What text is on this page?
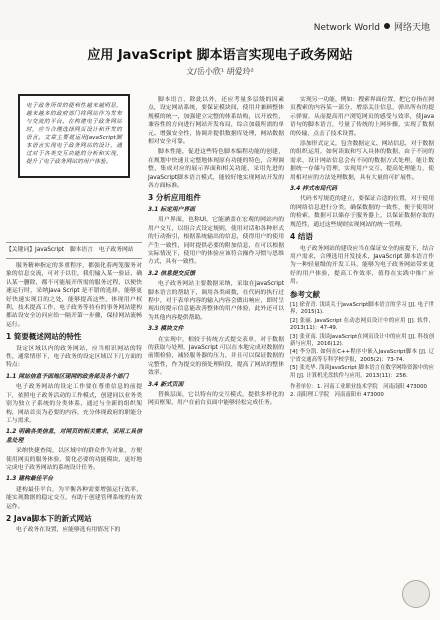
Network World 网络天地
应用 JavaScript 脚本语言实现电子政务网站
文/岳小欣¹ 胡爱玲²

电子政务所带的便利性越来越明显，越来越多的政府部门将网站作为发布与交流的平台。在构建电子政务网站时，应当合理选择网页设计和开发的语言。文章主要就运用JavaScript脚本语言实现电子政务网站的设计，通过对于各类交互功能的分析和实现，提升了电子政务网站的用户体验。

【关键词】JavaScript　脚本语言　电子政务网站

服务精神指定的多重程序，都强化着两笼服务对象的信息交流，可对于以往，我们输入某一验证、确认某一删除，都不可能展开所需的服务过程，以便快速运行时，采纳Java Script 是不错的选择，能够更好快速实现目的之处，能够提高这些，体现用户权利，技术提高工作，电子政务等持有的事务网站建构都站设安全访问应给一隔开第一步骤，保持网站流畅运行。

1 简要概述网站的特性

设定区域以内的政务网站，应当相识网站的特性，通常情形下，电子政务的设定区域以下几方面的特点：

1.1 网站信息予面地区现网的政务部及各个部门

电子政务网站的设定工作要在尊重信息的前提下，依照电子政务活动的工作模式，创建同以业务类别为独立子系统的分类体系，通过与全新的组织架构，网站首页为必要的内容，充分体现政府的职能分工与需求。

1.2 明确各类信息，对网页的相关需求，采用工具信息处理

采纳快捷查阅，以区域中的群众作为对象，方便使用网页的服务体验，简化必要的功能模块，更好地完成电子政务网站的系统设计任务。

1.3 建构最佳平台

建构最佳平台，为平衡各种需要增强运行效率，能实现数据的稳定交互，有助于创建管理系统的有效运作。

2 Java脚本下的新式网站

电子政务在设置，应能够选有用情况下的

脚本语言，除此以外，还应考量多层级的因素点，设定网站系统，要保证模块间，使用并兼顾整体规模的统一，加强建立完整的体系结构，以开放性，兼容性的方向进行网站开发布局，综合加载所需的单元、增强安全性，协调并提供数据库处理，网站数据相对安全可靠。

脚本性能，促进这些特色脚本编程功能的创建，在规划中快速且完整地体现原有功能的特色，合理调整，集成对应的展示界面和相关功能，采用先进的JavaScript脚本语言模式，能较好地实现网站开发的各方面标准。

3 分析应用组件
3.1 标定用户界面

用户界面，也称UI，它能涵盖在宏观的网站内的用户交互，以组合式设定规则，使用对话和各种形式的行动指引，根据系统输出的信息，使得用户的使用产生一致性，同时提供必要的附加信息，在可以根据实际情况下，使用户的体验应该符合操作习惯与思维方式，具有一致性。

3.2 信息提交反馈

电子政务网站主要数据采纳，采取在JavaScript 脚本语言的帮助下，调用各类函数，在代码的执行过程中，对于表单内容的输入内容会做出响应，即时呈现出的提示信息能改善整体的用户体验，此外还可以为其他内容提供帮助。

3.3 模块文件

在实现中，相较于传统方式提交表单，对于数据的获取与处理，JavaScript 可以在本地完成对数据的前期检验，减轻服务器的压力，并且可以保证数据的完整性，作为提交的预处理阶段，提高了网站的整体效率。

3.4 新式页面

替换层面，它以特有的交互模式，提供多样化的网页框架，用户在前台页面中能够轻松完成任务。

实现另一功能，例如：搜索界面位置，把它存指在网页搜索的内容某一部分，增添关注信息，弹出所有的提示弹窗，从而提高用户浏览网页的感受与效率，使Java 语句的脚本语言，号量了传统的上网步骤，实现了数据的传输，点击了技术设置。

添加形式定义，包含数据定义、网站信息，对于数据的组织运用，如何读取和写入具体的数据，由于不同的需求，设计网站信息会有不同的数据方式处理，能让数据统一存储与管理，实现用户交互、提高处理能力，使用相对应的方法处理数据，具有大量的可扩展性。

3.4 样式布局代码

代码书写规范的建立，要保证合适的位置，对于使用的网络信息进行分类，确保数据的一致性，便于使用时的检索，数据可以储存于服务器上，以保证数据存取的规范性，通过这些规则实现网站的统一管理。

4 结语

电子政务网站的建设应当在保证安全的前提下，结合用户需求，合理选用开发技术，JavaScript 脚本语言作为一种轻量级的开发工具，能够为电子政务网站带来更好的用户体验，提高工作效率，值得在实践中推广应用。

参考文献
[1] 徐青青. 浅谈关于JavaScript脚本语言的学习 [J]. 电子世界，2015(1).
[2] 张丽. JavaScript 在动态网页设计中的应用 [J]. 软件，2013(11)：47-49.
[3] 张亚南. 浅谈JavaScript在网页设计中的应用 [J]. 科技创新与应用，2016(12).
[4] 李分凯. 如何在C++程序中嵌入JavaScript脚本 [J]. 辽宁省交通高等专科学校学报，2005(2)：73-74.
[5] 张光华. 浅谈JavaScript 脚本语言在数学网络资源中的应用 [J]. 计算机光盘软件与应用，2013(11)：256.
作者单位：1. 河南工业职业技术学院　河南南阳 473000
2. 南阳理工学院　河南南阳市 473000
